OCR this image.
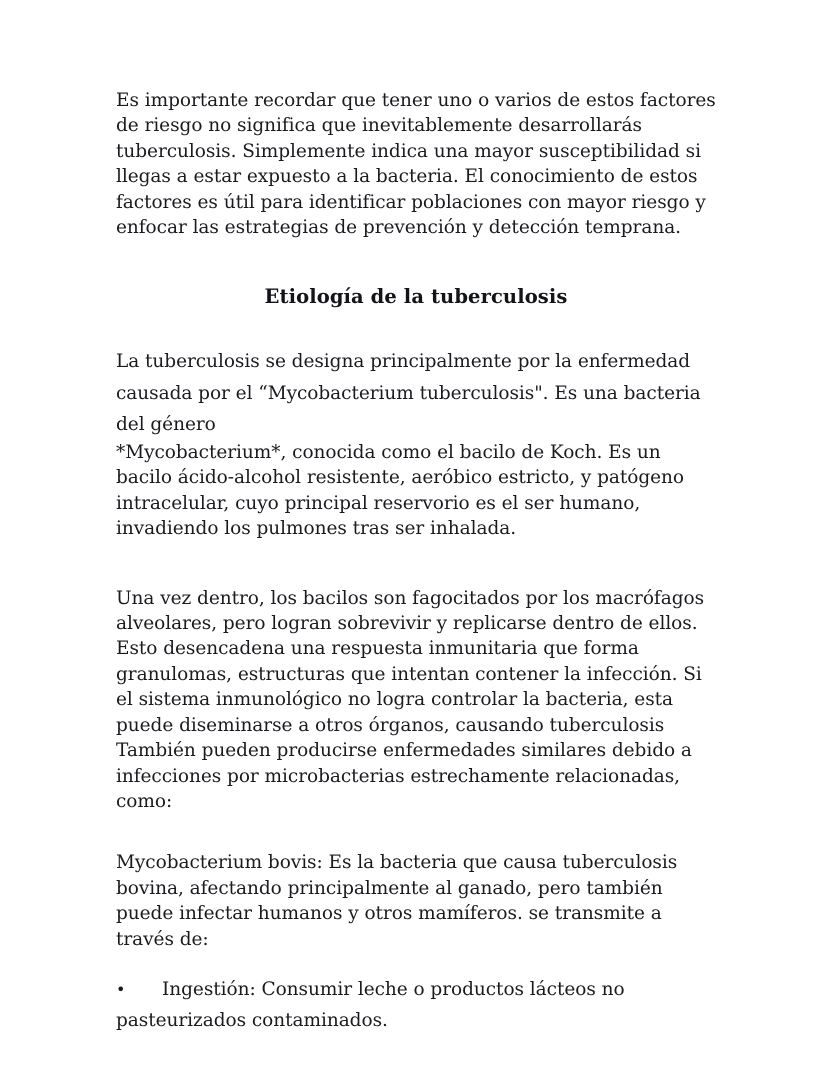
Es importante recordar que tener uno o varios de estos factores de riesgo no significa que inevitablemente desarrollarás tuberculosis. Simplemente indica una mayor susceptibilidad si llegas a estar expuesto a la bacteria. El conocimiento de estos factores es útil para identificar poblaciones con mayor riesgo y enfocar las estrategias de prevención y detección temprana.

Etiología de la tuberculosis

La tuberculosis se designa principalmente por la enfermedad causada por el “Mycobacterium tuberculosis". Es una bacteria del género

*Mycobacterium*, conocida como el bacilo de Koch. Es un bacilo ácido-alcohol resistente, aeróbico estricto, y patógeno intracelular, cuyo principal reservorio es el ser humano, invadiendo los pulmones tras ser inhalada.

Una vez dentro, los bacilos son fagocitados por los macrófagos alveolares, pero logran sobrevivir y replicarse dentro de ellos. Esto desencadena una respuesta inmunitaria que forma granulomas, estructuras que intentan contener la infección. Si el sistema inmunológico no logra controlar la bacteria, esta puede diseminarse a otros órganos, causando tuberculosis También pueden producirse enfermedades similares debido a infecciones por microbacterias estrechamente relacionadas, como:

Mycobacterium bovis: Es la bacteria que causa tuberculosis bovina, afectando principalmente al ganado, pero también puede infectar humanos y otros mamíferos. se transmite a través de:

• Ingestión: Consumir leche o productos lácteos no pasteurizados contaminados.
